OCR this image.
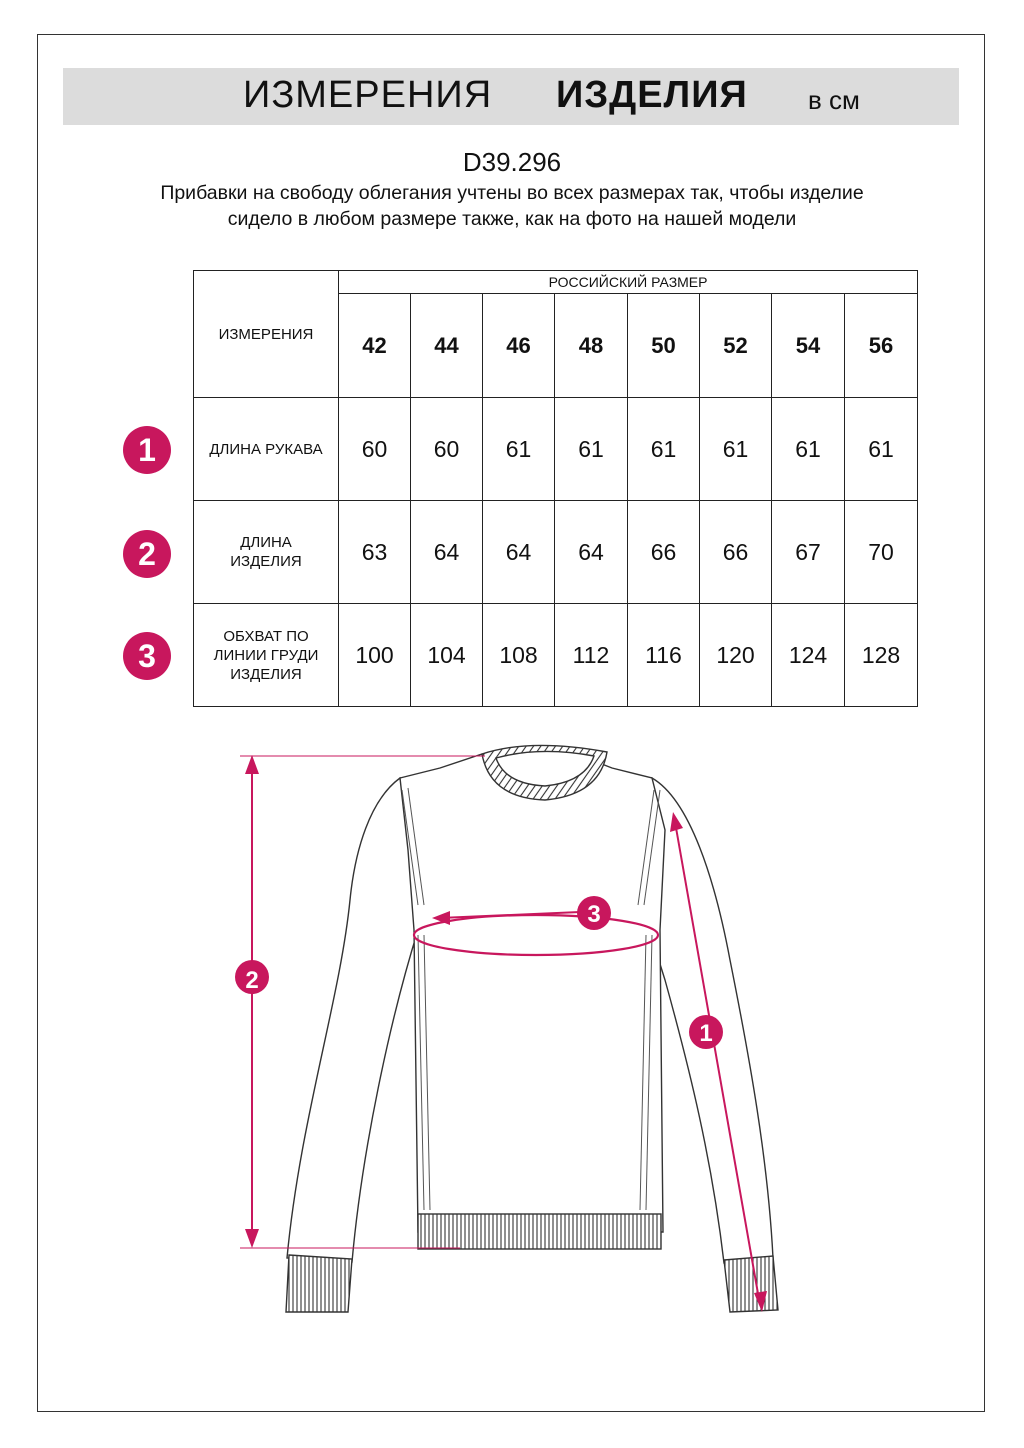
ИЗМЕРЕНИЯ ИЗДЕЛИЯ в см
D39.296
Прибавки на свободу облегания учтены во всех размерах так, чтобы изделие сидело в любом размере также, как на фото на нашей модели
ИЗМЕРЕНИЯ	РОССИЙСКИЙ РАЗМЕР							
	42	44	46	48	50	52	54	56
ДЛИНА РУКАВА	60	60	61	61	61	61	61	61
ДЛИНА ИЗДЕЛИЯ	63	64	64	64	66	66	67	70
ОБХВАТ ПО ЛИНИИ ГРУДИ ИЗДЕЛИЯ	100	104	108	112	116	120	124	128
1
2
3
2
3
1
